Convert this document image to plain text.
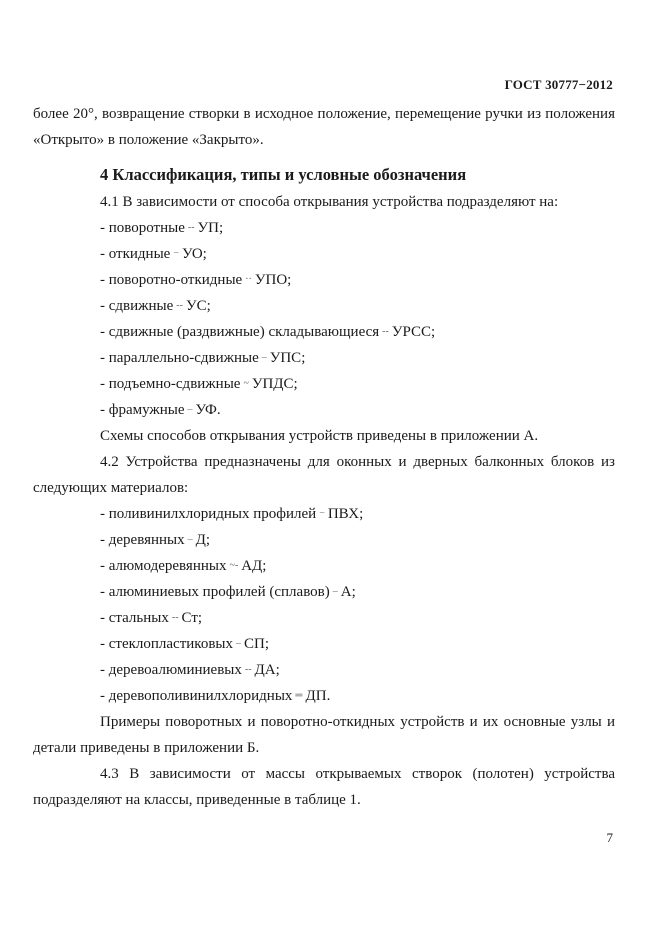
ГОСТ 30777−2012

более 20°, возвращение створки в исходное положение, перемещение ручки из положения «Открыто» в положение «Закрыто».

4 Классификация, типы и условные обозначения

4.1 В зависимости от способа открывания устройства подразделяют на:

- поворотные -- УП;

- откидные − УО;

- поворотно-откидные ·· УПО;

- сдвижные -- УС;

- сдвижные (раздвижные) складывающиеся -- УРСС;

- параллельно-сдвижные – УПС;

- подъемно-сдвижные ~ УПДС;

- фрамужные – УФ.

Схемы способов открывания устройств приведены в приложении А.

4.2 Устройства предназначены для оконных и дверных балконных блоков из следующих материалов:

- поливинилхлоридных профилей − ПВХ;

- деревянных – Д;

- алюмодеревянных ~- АД;

- алюминиевых профилей (сплавов) – А;

- стальных -- Ст;

- стеклопластиковых – СП;

- деревоалюминиевых -- ДА;

- деревополивинилхлоридных ═ ДП.

Примеры поворотных и поворотно-откидных устройств и их основные узлы и детали приведены в приложении Б.

4.3 В зависимости от массы открываемых створок (полотен) устройства подразделяют на классы, приведенные в таблице 1.

7
